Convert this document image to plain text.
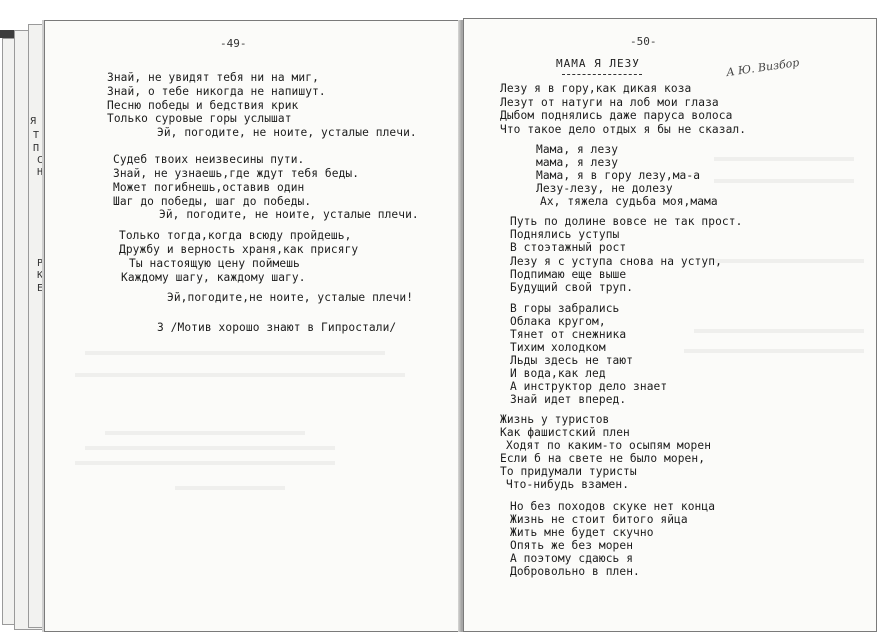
Я
Т
П
С
Н
Р
К
Е
-49-
Знай, не увидят тебя ни на миг,
Знай, о тебе никогда не напишут.
Песню победы и бедствия крик
Только суровые горы услышат
Эй, погодите, не ноите, усталые плечи.
Судеб твоих неизвесины пути.
Знай, не узнаешь,где ждут тебя беды.
Может погибнешь,оставив один
Шаг до победы, шаг до победы.
Эй, погодите, не ноите, усталые плечи.
Только тогда,когда всюду пройдешь,
Дружбу и верность храня,как присягу
Ты настоящую цену поймешь
Каждому шагу, каждому шагу.
Эй,погодите,не ноите, усталые плечи!
3 /Мотив хорошо знают в Гипростали/
-50-
МАМА Я ЛЕЗУ	А Ю. Визбор
Лезу я в гору,как дикая коза
Лезут от натуги на лоб мои глаза
Дыбом поднялись даже паруса волоса
Что такое дело отдых я бы не сказал.
Мама, я лезу
мама, я лезу
Мама, я в гору лезу,ма-а
Лезу-лезу, не долезу
Ах, тяжела судьба моя,мама
Путь по долине вовсе не так прост.
Поднялись уступы
В стоэтажный рост
Лезу я с уступа снова на уступ,
Подпимаю еще выше
Будущий свой труп.
В горы забрались
Облака кругом,
Тянет от снежника
Тихим холодком
Льды здесь не тают
И вода,как лед
А инструктор дело знает
Знай идет вперед.
Жизнь у туристов
Как фашистский плен
Ходят по каким-то осыпям морен
Если б на свете не было морен,
То придумали туристы
Что-нибудь взамен.
Но без походов скуке нет конца
Жизнь не стоит битого яйца
Жить мне будет скучно
Опять же без морен
А поэтому сдаюсь я
Добровольно в плен.
